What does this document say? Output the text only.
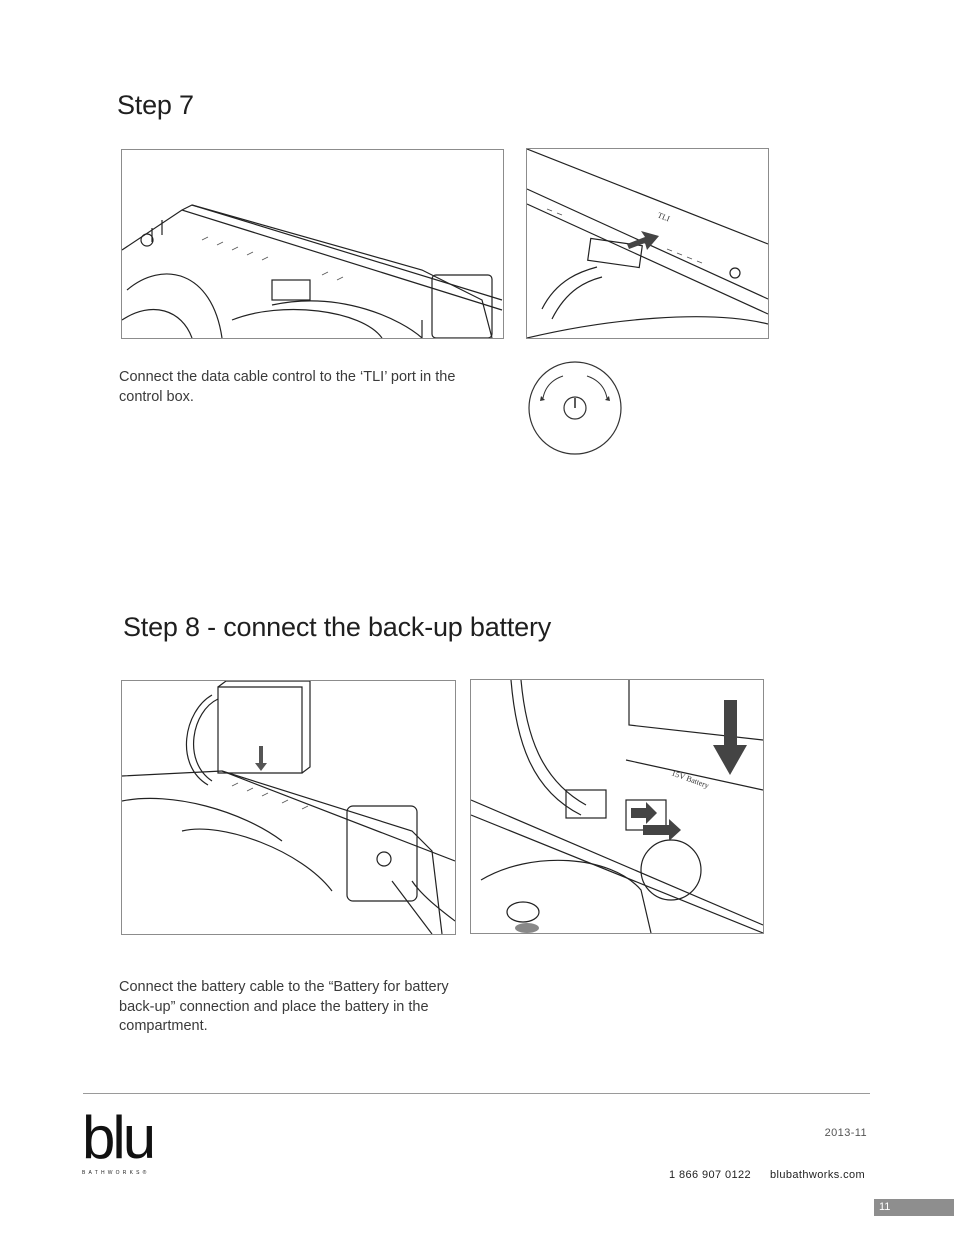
Step 7
TLI
Connect the data cable control to the ‘TLI’ port in the control box.
Step 8 - connect the back-up battery
15V Battery
Connect the battery cable to the “Battery for battery back-up” connection and place the battery in the compartment.
blu
BATHWORKS®
2013-11
1 866 907 0122 blubathworks.com
11
